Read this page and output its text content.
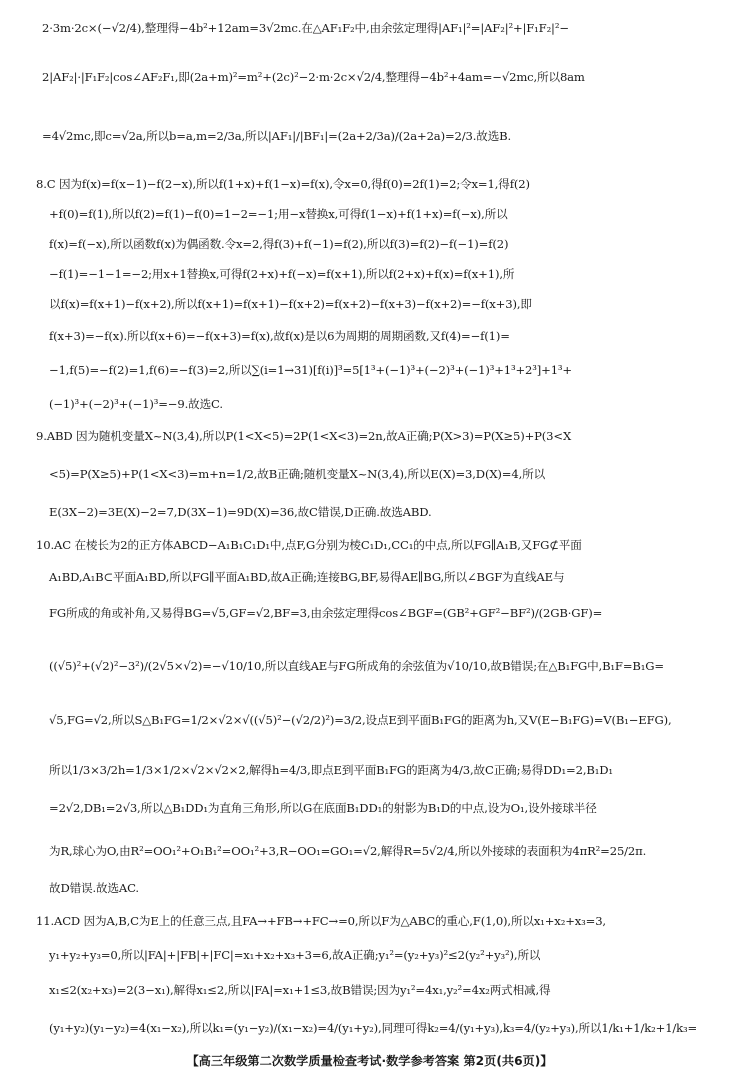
2·3m·2c×(−√2/4),整理得−4b²+12am=3√2mc.在△AF₁F₂中,由余弦定理得|AF₁|²=|AF₂|²+|F₁F₂|²−
2|AF₂|·|F₁F₂|cos∠AF₂F₁,即(2a+m)²=m²+(2c)²−2·m·2c×√2/4,整理得−4b²+4am=−√2mc,所以8am
=4√2mc,即c=√2a,所以b=a,m=2/3a,所以|AF₁|/|BF₁|=(2a+2/3a)/(2a+2a)=2/3.故选B.
8.C 因为f(x)=f(x−1)−f(2−x),所以f(1+x)+f(1−x)=f(x),令x=0,得f(0)=2f(1)=2;令x=1,得f(2)
+f(0)=f(1),所以f(2)=f(1)−f(0)=1−2=−1;用−x替换x,可得f(1−x)+f(1+x)=f(−x),所以
f(x)=f(−x),所以函数f(x)为偶函数.令x=2,得f(3)+f(−1)=f(2),所以f(3)=f(2)−f(−1)=f(2)
−f(1)=−1−1=−2;用x+1替换x,可得f(2+x)+f(−x)=f(x+1),所以f(2+x)+f(x)=f(x+1),所
以f(x)=f(x+1)−f(x+2),所以f(x+1)=f(x+1)−f(x+2)=f(x+2)−f(x+3)−f(x+2)=−f(x+3),即
f(x+3)=−f(x).所以f(x+6)=−f(x+3)=f(x),故f(x)是以6为周期的周期函数,又f(4)=−f(1)=
−1,f(5)=−f(2)=1,f(6)=−f(3)=2,所以∑(i=1→31)[f(i)]³=5[1³+(−1)³+(−2)³+(−1)³+1³+2³]+1³+
(−1)³+(−2)³+(−1)³=−9.故选C.
9.ABD 因为随机变量X~N(3,4),所以P(1<X<5)=2P(1<X<3)=2n,故A正确;P(X>3)=P(X≥5)+P(3<X
<5)=P(X≥5)+P(1<X<3)=m+n=1/2,故B正确;随机变量X~N(3,4),所以E(X)=3,D(X)=4,所以
E(3X−2)=3E(X)−2=7,D(3X−1)=9D(X)=36,故C错误,D正确.故选ABD.
10.AC 在棱长为2的正方体ABCD−A₁B₁C₁D₁中,点F,G分别为棱C₁D₁,CC₁的中点,所以FG∥A₁B,又FG⊄平面
A₁BD,A₁B⊂平面A₁BD,所以FG∥平面A₁BD,故A正确;连接BG,BF,易得AE∥BG,所以∠BGF为直线AE与
FG所成的角或补角,又易得BG=√5,GF=√2,BF=3,由余弦定理得cos∠BGF=(GB²+GF²−BF²)/(2GB·GF)=
((√5)²+(√2)²−3²)/(2√5×√2)=−√10/10,所以直线AE与FG所成角的余弦值为√10/10,故B错误;在△B₁FG中,B₁F=B₁G=
√5,FG=√2,所以S△B₁FG=1/2×√2×√((√5)²−(√2/2)²)=3/2,设点E到平面B₁FG的距离为h,又V(E−B₁FG)=V(B₁−EFG),
所以1/3×3/2h=1/3×1/2×√2×√2×2,解得h=4/3,即点E到平面B₁FG的距离为4/3,故C正确;易得DD₁=2,B₁D₁
=2√2,DB₁=2√3,所以△B₁DD₁为直角三角形,所以G在底面B₁DD₁的射影为B₁D的中点,设为O₁,设外接球半径
为R,球心为O,由R²=OO₁²+O₁B₁²=OO₁²+3,R−OO₁=GO₁=√2,解得R=5√2/4,所以外接球的表面积为4πR²=25/2π.
故D错误.故选AC.
11.ACD 因为A,B,C为E上的任意三点,且FA→+FB→+FC→=0,所以F为△ABC的重心,F(1,0),所以x₁+x₂+x₃=3,
y₁+y₂+y₃=0,所以|FA|+|FB|+|FC|=x₁+x₂+x₃+3=6,故A正确;y₁²=(y₂+y₃)²≤2(y₂²+y₃²),所以
x₁≤2(x₂+x₃)=2(3−x₁),解得x₁≤2,所以|FA|=x₁+1≤3,故B错误;因为y₁²=4x₁,y₂²=4x₂两式相减,得
(y₁+y₂)(y₁−y₂)=4(x₁−x₂),所以k₁=(y₁−y₂)/(x₁−x₂)=4/(y₁+y₂),同理可得k₂=4/(y₁+y₃),k₃=4/(y₂+y₃),所以1/k₁+1/k₂+1/k₃=
【高三年级第二次数学质量检查考试·数学参考答案 第2页(共6页)】
